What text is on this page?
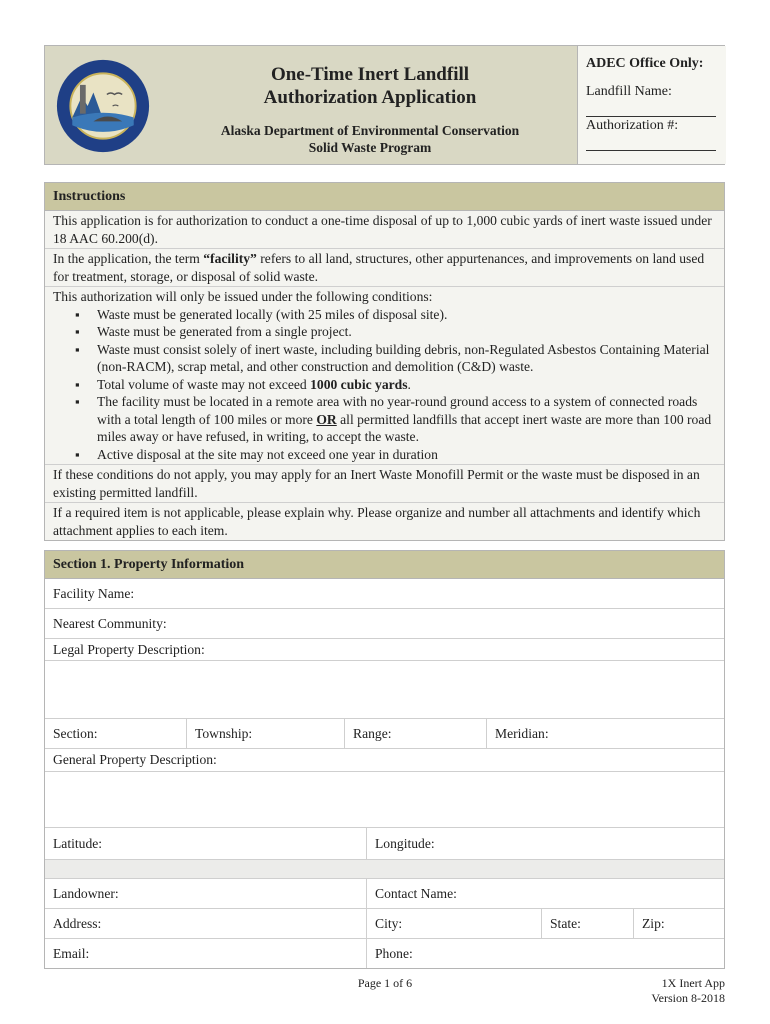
One-Time Inert Landfill
Authorization Application
Alaska Department of Environmental Conservation
Solid Waste Program
ADEC Office Only:
Landfill Name:
Authorization #:
Instructions
This application is for authorization to conduct a one-time disposal of up to 1,000 cubic yards of inert waste issued under 18 AAC 60.200(d).
In the application, the term “facility” refers to all land, structures, other appurtenances, and improvements on land used for treatment, storage, or disposal of solid waste.
This authorization will only be issued under the following conditions:
▪ Waste must be generated locally (with 25 miles of disposal site).
▪ Waste must be generated from a single project.
▪ Waste must consist solely of inert waste, including building debris, non-Regulated Asbestos Containing Material (non-RACM), scrap metal, and other construction and demolition (C&D) waste.
▪ Total volume of waste may not exceed 1000 cubic yards.
▪ The facility must be located in a remote area with no year-round ground access to a system of connected roads with a total length of 100 miles or more OR all permitted landfills that accept inert waste are more than 100 road miles away or have refused, in writing, to accept the waste.
▪ Active disposal at the site may not exceed one year in duration
If these conditions do not apply, you may apply for an Inert Waste Monofill Permit or the waste must be disposed in an existing permitted landfill.
If a required item is not applicable, please explain why. Please organize and number all attachments and identify which attachment applies to each item.
Section 1. Property Information
Facility Name:
Nearest Community:
Legal Property Description:
Section:	Township:	Range:	Meridian:
General Property Description:
Latitude:	Longitude:
Landowner:	Contact Name:
Address:	City:	State:	Zip:
Email:	Phone:
Page 1 of 6	1X Inert App
Version 8-2018
